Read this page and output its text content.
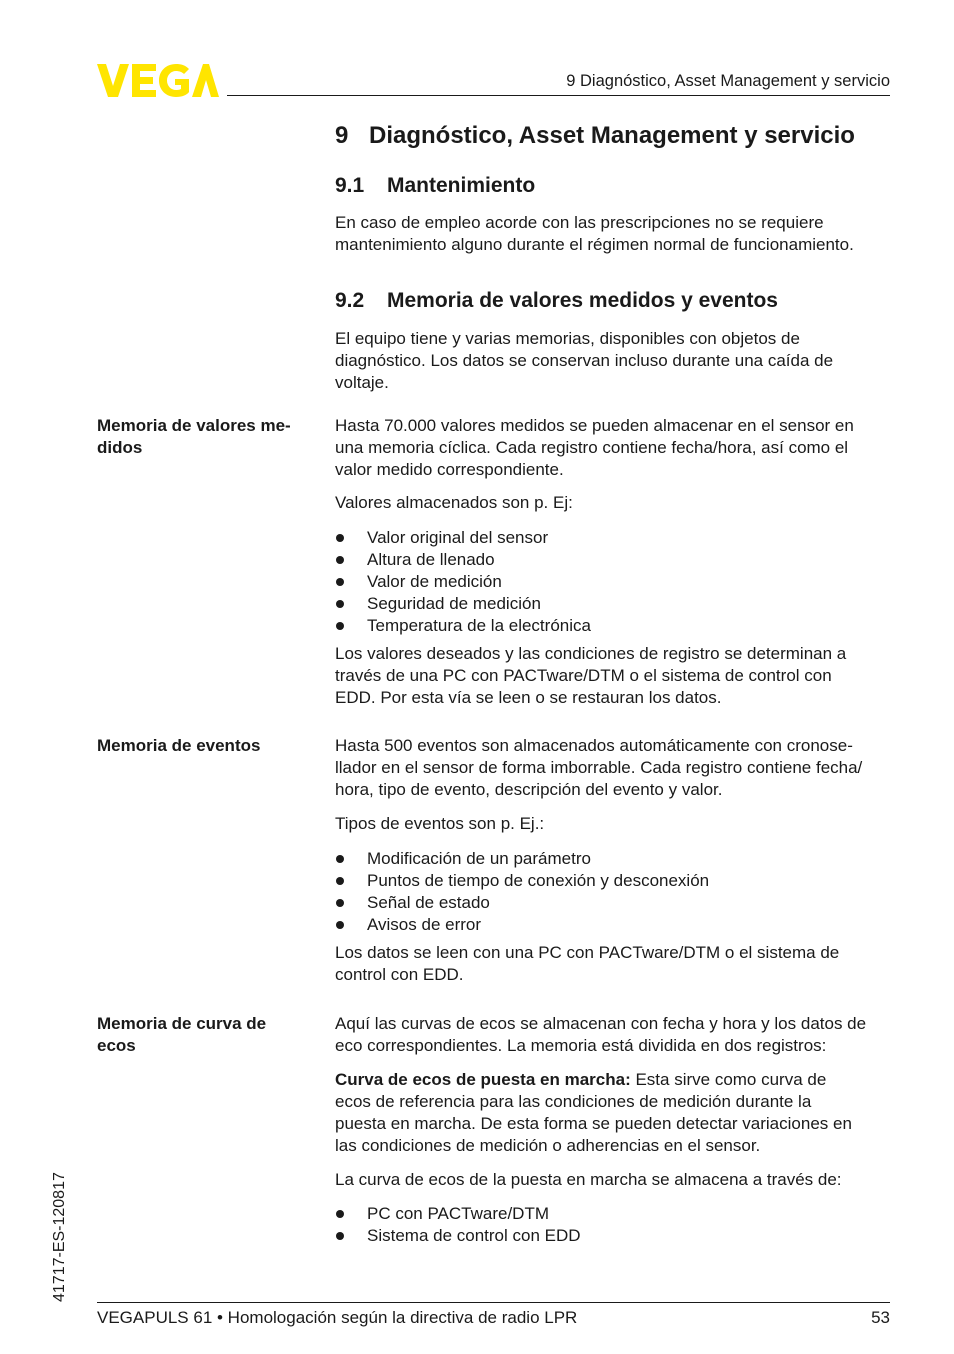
9 Diagnóstico, Asset Management y servicio
9 Diagnóstico, Asset Management y servicio
9.1 Mantenimiento

En caso de empleo acorde con las prescripciones no se requiere
mantenimiento alguno durante el régimen normal de funcionamiento.

9.2 Memoria de valores medidos y eventos

El equipo tiene y varias memorias, disponibles con objetos de
diagnóstico. Los datos se conservan incluso durante una caída de
voltaje.

Memoria de valores me-
didos

Hasta 70.000 valores medidos se pueden almacenar en el sensor en
una memoria cíclica. Cada registro contiene fecha/hora, así como el
valor medido correspondiente.

Valores almacenados son p. Ej:

Valor original del sensor
Altura de llenado
Valor de medición
Seguridad de medición
Temperatura de la electrónica

Los valores deseados y las condiciones de registro se determinan a
través de una PC con PACTware/DTM o el sistema de control con
EDD. Por esta vía se leen o se restauran los datos.

Memoria de eventos	Hasta 500 eventos son almacenados automáticamente con cronose-
llador en el sensor de forma imborrable. Cada registro contiene fecha/
hora, tipo de evento, descripción del evento y valor.

Tipos de eventos son p. Ej.:

Modificación de un parámetro
Puntos de tiempo de conexión y desconexión
Señal de estado
Avisos de error

Los datos se leen con una PC con PACTware/DTM o el sistema de
control con EDD.

Memoria de curva de
ecos

Aquí las curvas de ecos se almacenan con fecha y hora y los datos de
eco correspondientes. La memoria está dividida en dos registros:

Curva de ecos de puesta en marcha: Esta sirve como curva de
ecos de referencia para las condiciones de medición durante la
puesta en marcha. De esta forma se pueden detectar variaciones en
las condiciones de medición o adherencias en el sensor.

La curva de ecos de la puesta en marcha se almacena a través de:

PC con PACTware/DTM
Sistema de control con EDD
41717-ES-120817
VEGAPULS 61 • Homologación según la directiva de radio LPR	53
